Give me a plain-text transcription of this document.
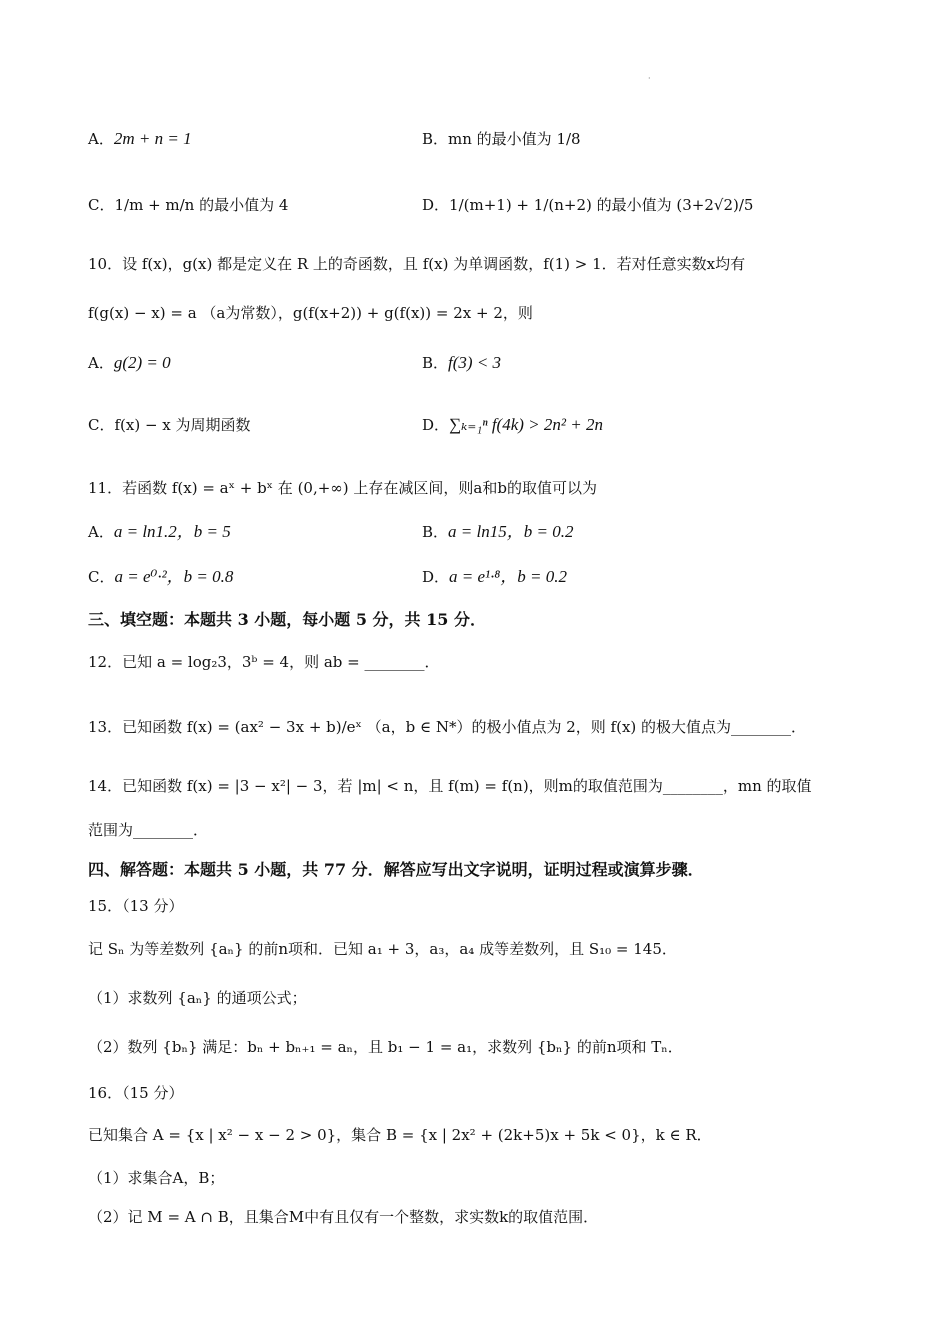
·
A．2m + n = 1	B．mn 的最小值为 1/8
C．1/m + m/n 的最小值为 4	D．1/(m+1) + 1/(n+2) 的最小值为 (3+2√2)/5
10．设 f(x)，g(x) 都是定义在 R 上的奇函数，且 f(x) 为单调函数，f(1) > 1．若对任意实数x均有
f(g(x) − x) = a （a为常数），g(f(x+2)) + g(f(x)) = 2x + 2，则
A．g(2) = 0	B．f(3) < 3
C．f(x) − x 为周期函数	D．∑ₖ₌₁ⁿ f(4k) > 2n² + 2n
11．若函数 f(x) = aˣ + bˣ 在 (0,+∞) 上存在减区间，则a和b的取值可以为
A．a = ln1.2，b = 5	B．a = ln15，b = 0.2
C．a = e⁰·²，b = 0.8	D．a = e¹·⁸，b = 0.2
三、填空题：本题共 3 小题，每小题 5 分，共 15 分．
12．已知 a = log₂3，3ᵇ = 4，则 ab = ________．
13．已知函数 f(x) = (ax² − 3x + b)/eˣ （a，b ∈ N*）的极小值点为 2，则 f(x) 的极大值点为________．
14．已知函数 f(x) = |3 − x²| − 3，若 |m| < n，且 f(m) = f(n)，则m的取值范围为________，mn 的取值
范围为________．
四、解答题：本题共 5 小题，共 77 分．解答应写出文字说明，证明过程或演算步骤．
15．（13 分）
记 Sₙ 为等差数列 {aₙ} 的前n项和．已知 a₁ + 3，a₃，a₄ 成等差数列，且 S₁₀ = 145．
（1）求数列 {aₙ} 的通项公式；
（2）数列 {bₙ} 满足：bₙ + bₙ₊₁ = aₙ，且 b₁ − 1 = a₁，求数列 {bₙ} 的前n项和 Tₙ．
16．（15 分）
已知集合 A = {x | x² − x − 2 > 0}，集合 B = {x | 2x² + (2k+5)x + 5k < 0}，k ∈ R．
（1）求集合A，B；
（2）记 M = A ∩ B，且集合M中有且仅有一个整数，求实数k的取值范围．
